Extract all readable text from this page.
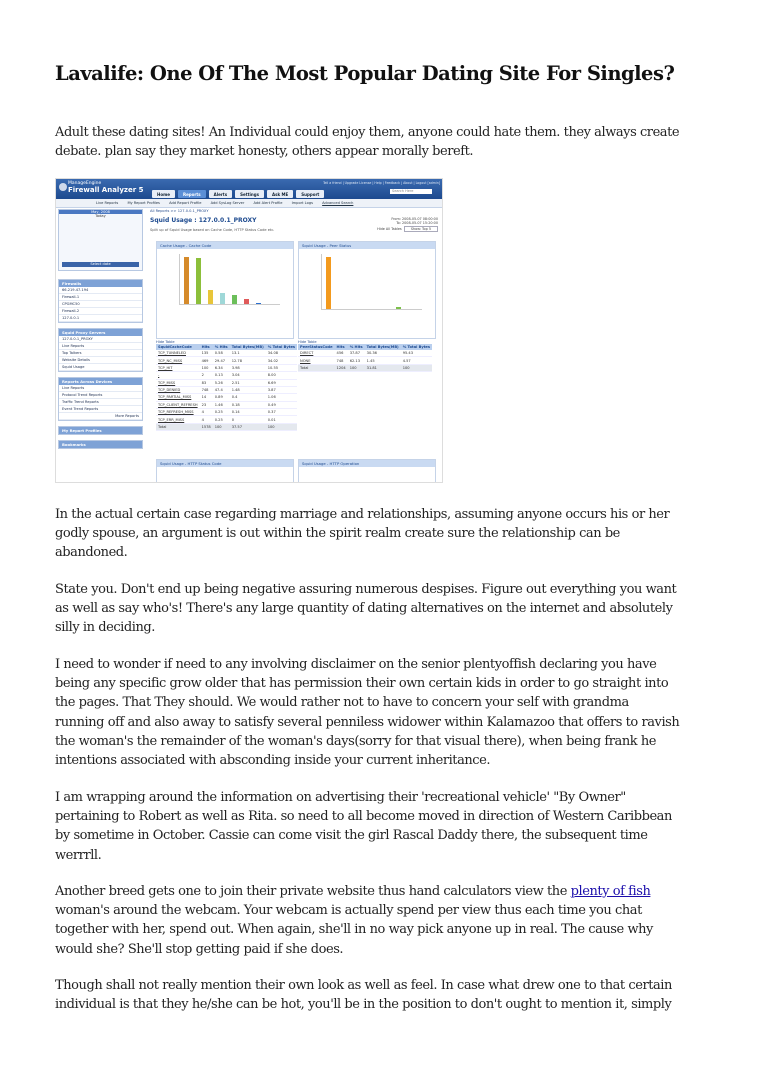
Lavalife: One Of The Most Popular Dating Site For Singles?

Adult these dating sites! An Individual could enjoy them, anyone could hate them. they always create
debate. plan say they market honesty, others appear morally bereft.

ManageEngine
Firewall Analyzer 5	Home	Reports	Alerts	Settings	Ask ME	Support
Tell a friend | Upgrade License | Help | Feedback | About | Logout [admin]
Search Here
Live Reports	My Report Profiles	Add Report Profile	Add SysLog Server	Add Alert Profile	Import Logs	Advanced Search
May, 2008
Today
Select date
Firewalls
66.219.47.194
Firewall-1
CPGMC50
Firewall-2
127.0.0.1
Squid Proxy Servers
127.0.0.1_PROXY
Live Reports
Top Talkers
Website Details
Squid Usage
Reports Across Devices
Live Reports
Protocol Trend Reports
Traffic Trend Reports
Event Trend Reports
More Reports
My Report Profiles
Bookmarks
All Reports >> 127.0.0.1_PROXY
Squid Usage : 127.0.0.1_PROXY
Split up of Squid Usage based on Cache Code, HTTP Status Code etc.
From: 2008-05-07 08:00:00
To: 2008-05-07 15:20:00
Hide All Tables	Show: Top 5
Cache Usage - Cache Code	Squid Usage - Peer Status
Hide Table
SquidCacheCode	Hits	% Hits	Total Bytes(MB)	% Total Bytes
TCP_TUNNELED	135	0.58	13.1	34.08
TCP_NC_MISS	469	29.47	12.78	34.02
TCP_HIT	100	6.34	3.98	10.55
-	2	0.13	3.04	8.00
TCP_MISS	83	5.26	2.51	6.69
TCP_DENIED	748	47.4	1.48	3.87
TCP_PARTIAL_MISS	14	0.89	0.4	1.06
TCP_CLIENT_REFRESH	23	1.46	0.18	0.49
TCP_REFRESH_MISS	4	0.25	0.14	0.37
TCP_ERR_MISS	4	0.25	0	0.01
Total	1578	100	37.57	100
Hide Table
PeerStatusCode	Hits	% Hits	Total Bytes(MB)	% Total Bytes
DIRECT	456	37.87	30.36	95.43
NONE	748	62.13	1.45	4.57
Total	1204	100	31.81	100
Squid Usage - HTTP Status Code	Squid Usage - HTTP Operation

In the actual certain case regarding marriage and relationships, assuming anyone occurs his or her
godly spouse, an argument is out within the spirit realm create sure the relationship can be
abandoned.

State you. Don't end up being negative assuring numerous despises. Figure out everything you want
as well as say who's! There's any large quantity of dating alternatives on the internet and absolutely
silly in deciding.

I need to wonder if need to any involving disclaimer on the senior plentyoffish declaring you have
being any specific grow older that has permission their own certain kids in order to go straight into
the pages. That They should. We would rather not to have to concern your self with grandma
running off and also away to satisfy several penniless widower within Kalamazoo that offers to ravish
the woman's the remainder of the woman's days(sorry for that visual there), when being frank he
intentions associated with absconding inside your current inheritance.

I am wrapping around the information on advertising their 'recreational vehicle' "By Owner"
pertaining to Robert as well as Rita. so need to all become moved in direction of Western Caribbean
by sometime in October. Cassie can come visit the girl Rascal Daddy there, the subsequent time
werrrll.

Another breed gets one to join their private website thus hand calculators view the plenty of fish
woman's around the webcam. Your webcam is actually spend per view thus each time you chat
together with her, spend out. When again, she'll in no way pick anyone up in real. The cause why
would she? She'll stop getting paid if she does.

Though shall not really mention their own look as well as feel. In case what drew one to that certain
individual is that they he/she can be hot, you'll be in the position to don't ought to mention it, simply
